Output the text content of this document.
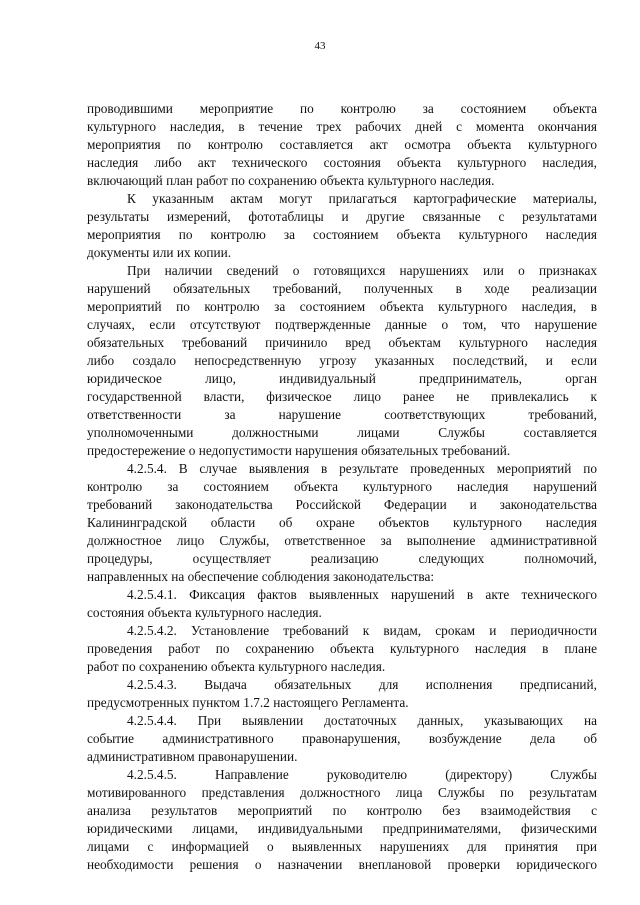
43
проводившими мероприятие по контролю за состоянием объекта
культурного наследия, в течение трех рабочих дней с момента окончания
мероприятия по контролю составляется акт осмотра объекта культурного
наследия либо акт технического состояния объекта культурного наследия,
включающий план работ по сохранению объекта культурного наследия.
К указанным актам могут прилагаться картографические материалы,
результаты измерений, фототаблицы и другие связанные с результатами
мероприятия по контролю за состоянием объекта культурного наследия
документы или их копии.
При наличии сведений о готовящихся нарушениях или о признаках
нарушений обязательных требований, полученных в ходе реализации
мероприятий по контролю за состоянием объекта культурного наследия, в
случаях, если отсутствуют подтвержденные данные о том, что нарушение
обязательных требований причинило вред объектам культурного наследия
либо создало непосредственную угрозу указанных последствий, и если
юридическое лицо, индивидуальный предприниматель, орган
государственной власти, физическое лицо ранее не привлекались к
ответственности за нарушение соответствующих требований,
уполномоченными должностными лицами Службы составляется
предостережение о недопустимости нарушения обязательных требований.
4.2.5.4. В случае выявления в результате проведенных мероприятий по
контролю за состоянием объекта культурного наследия нарушений
требований законодательства Российской Федерации и законодательства
Калининградской области об охране объектов культурного наследия
должностное лицо Службы, ответственное за выполнение административной
процедуры, осуществляет реализацию следующих полномочий,
направленных на обеспечение соблюдения законодательства:
4.2.5.4.1. Фиксация фактов выявленных нарушений в акте технического
состояния объекта культурного наследия.
4.2.5.4.2. Установление требований к видам, срокам и периодичности
проведения работ по сохранению объекта культурного наследия в плане
работ по сохранению объекта культурного наследия.
4.2.5.4.3. Выдача обязательных для исполнения предписаний,
предусмотренных пунктом 1.7.2 настоящего Регламента.
4.2.5.4.4. При выявлении достаточных данных, указывающих на
событие административного правонарушения, возбуждение дела об
административном правонарушении.
4.2.5.4.5. Направление руководителю (директору) Службы
мотивированного представления должностного лица Службы по результатам
анализа результатов мероприятий по контролю без взаимодействия с
юридическими лицами, индивидуальными предпринимателями, физическими
лицами с информацией о выявленных нарушениях для принятия при
необходимости решения о назначении внеплановой проверки юридического
